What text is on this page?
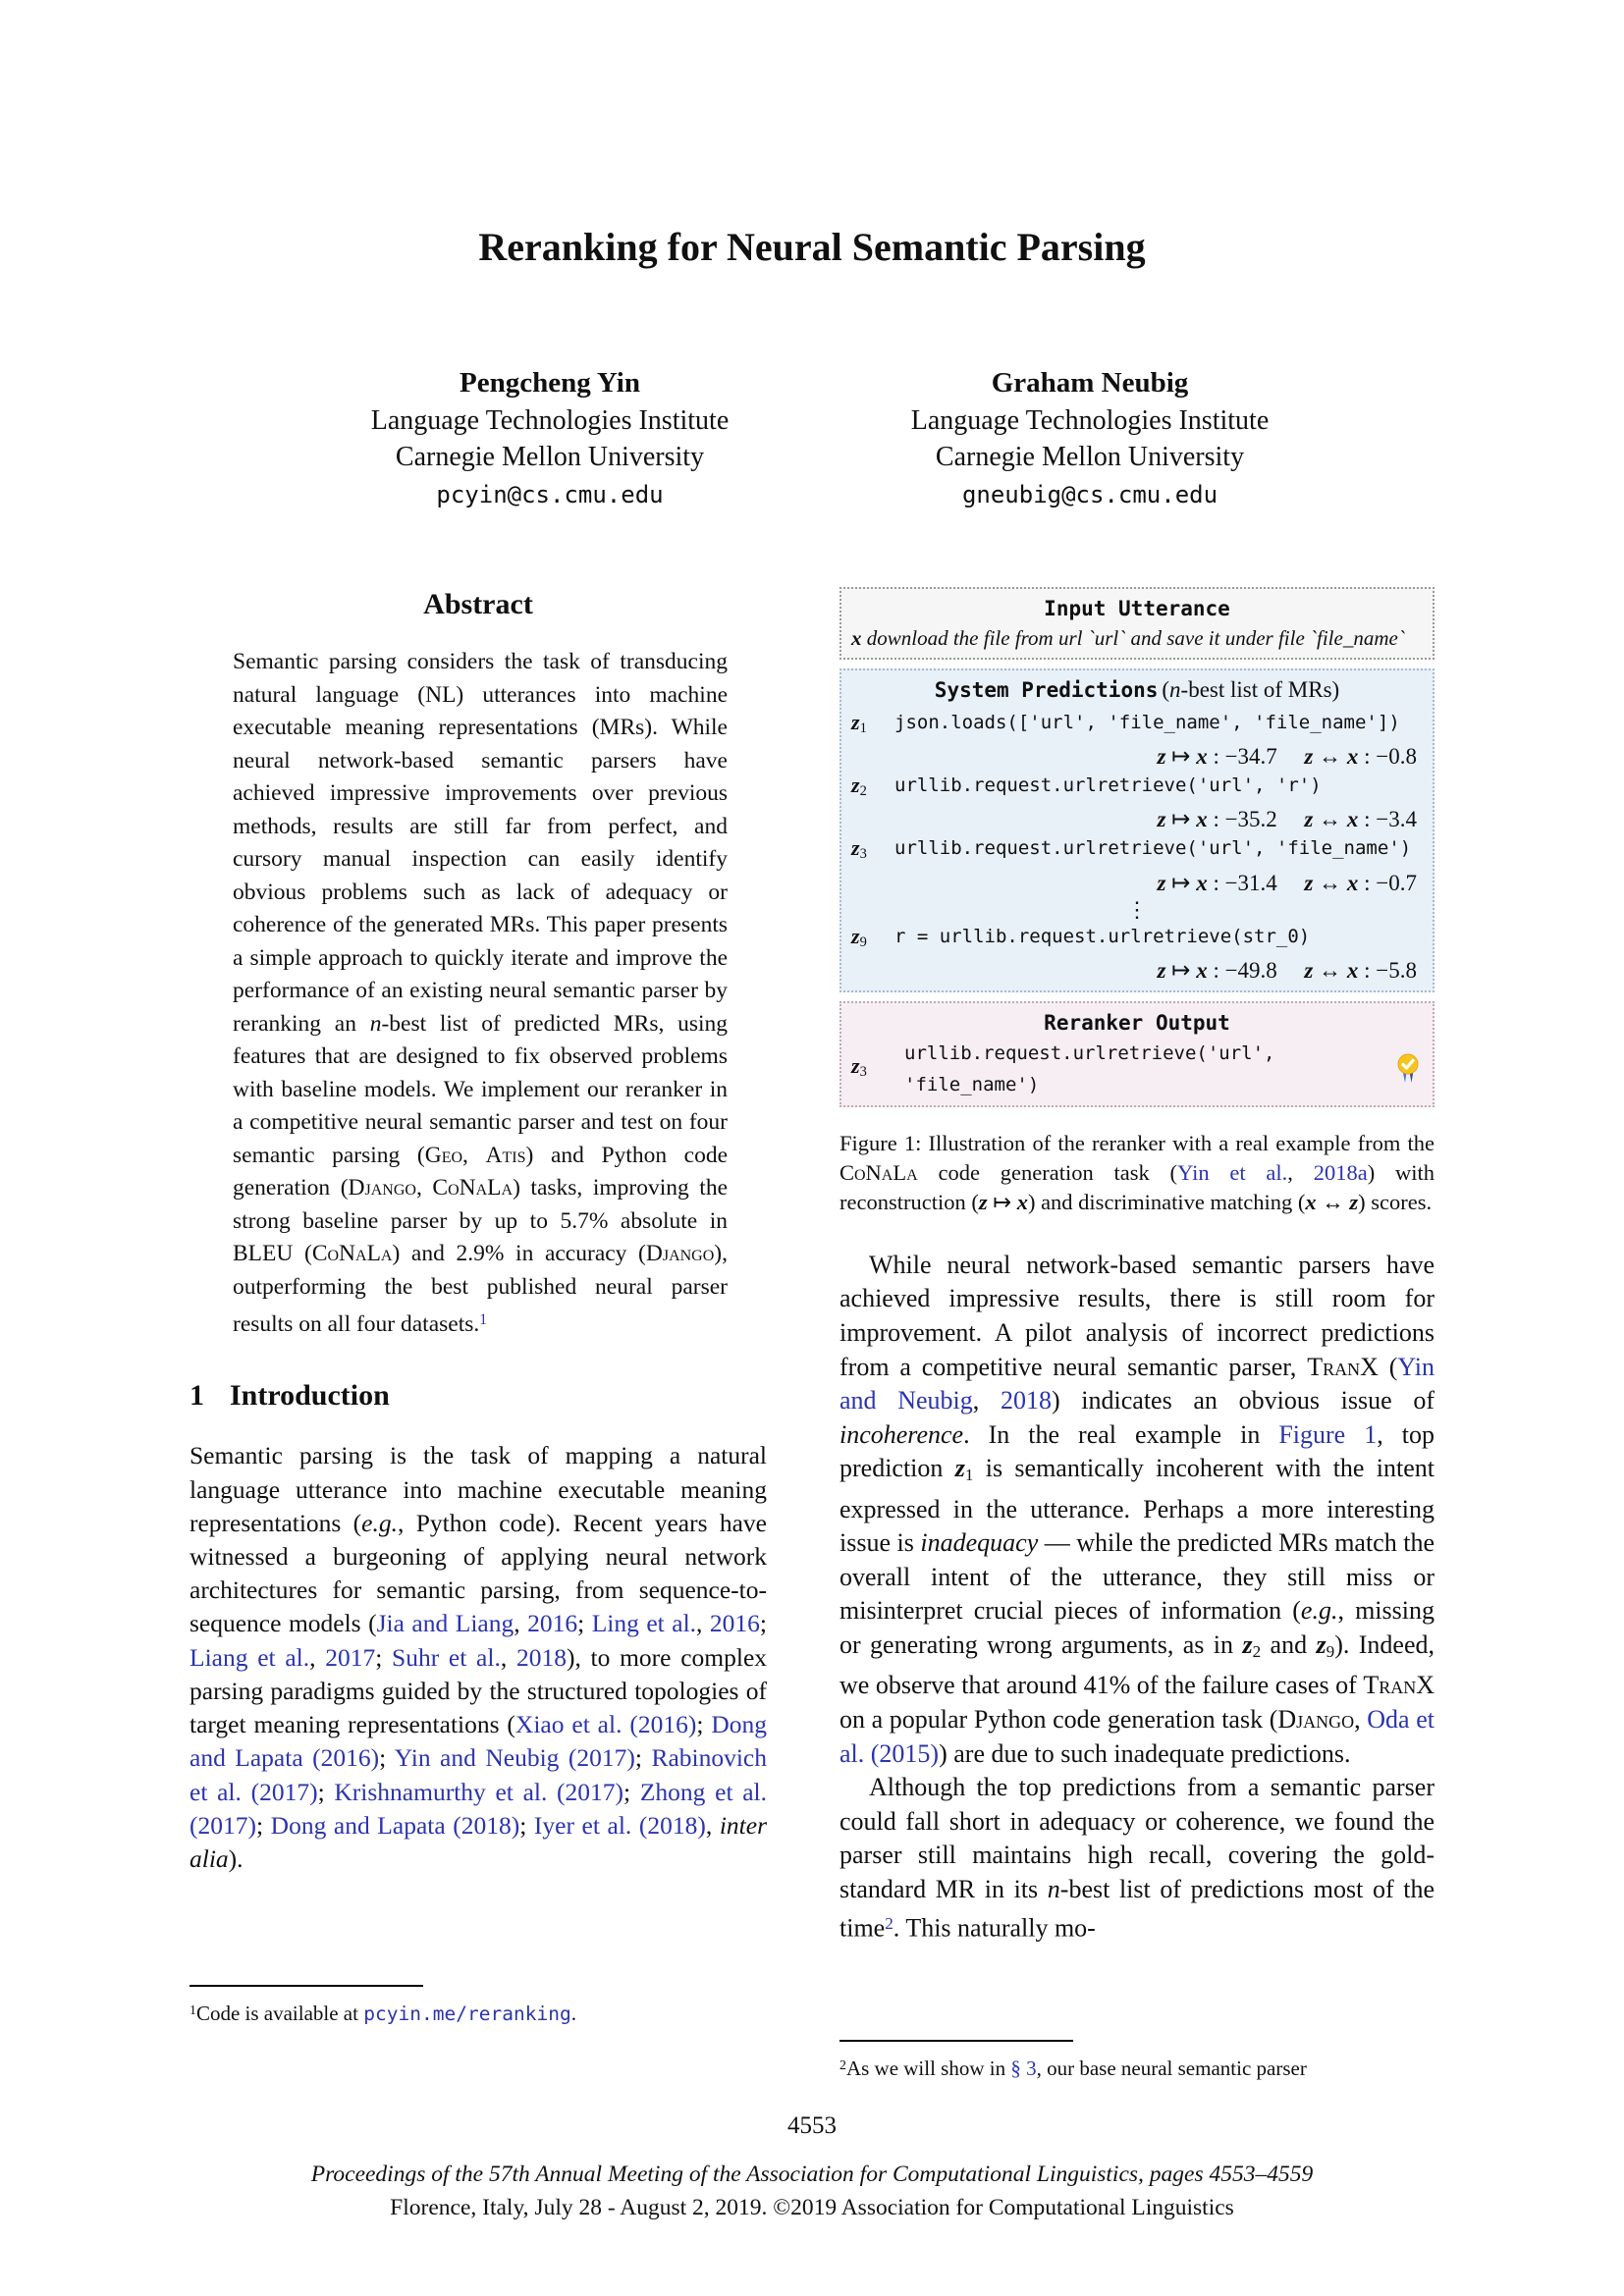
Reranking for Neural Semantic Parsing
Pengcheng Yin
Language Technologies Institute
Carnegie Mellon University
pcyin@cs.cmu.edu
Graham Neubig
Language Technologies Institute
Carnegie Mellon University
gneubig@cs.cmu.edu
Abstract

Semantic parsing considers the task of transducing natural language (NL) utterances into machine executable meaning representations (MRs). While neural network-based semantic parsers have achieved impressive improvements over previous methods, results are still far from perfect, and cursory manual inspection can easily identify obvious problems such as lack of adequacy or coherence of the generated MRs. This paper presents a simple approach to quickly iterate and improve the performance of an existing neural semantic parser by reranking an n-best list of predicted MRs, using features that are designed to fix observed problems with baseline models. We implement our reranker in a competitive neural semantic parser and test on four semantic parsing (Geo, Atis) and Python code generation (Django, CoNaLa) tasks, improving the strong baseline parser by up to 5.7% absolute in BLEU (CoNaLa) and 2.9% in accuracy (Django), outperforming the best published neural parser results on all four datasets.$^1$

1 Introduction

Semantic parsing is the task of mapping a natural language utterance into machine executable meaning representations (e.g., Python code). Recent years have witnessed a burgeoning of applying neural network architectures for semantic parsing, from sequence-to-sequence models (Jia and Liang, 2016; Ling et al., 2016; Liang et al., 2017; Suhr et al., 2018), to more complex parsing paradigms guided by the structured topologies of target meaning representations (Xiao et al. (2016); Dong and Lapata (2016); Yin and Neubig (2017); Rabinovich et al. (2017); Krishnamurthy et al. (2017); Zhong et al. (2017); Dong and Lapata (2018); Iyer et al. (2018), inter alia).

$^1$Code is available at pcyin.me/reranking.

Input Utterance
x download the file from url `url` and save it under file `file_name`
System Predictions (n-best list of MRs)
z1	json.loads(['url', 'file_name', 'file_name'])
z ↦ x : −34.7   z ↔ x : −0.8
z2	urllib.request.urlretrieve('url', 'r')
z ↦ x : −35.2   z ↔ x : −3.4
z3	urllib.request.urlretrieve('url', 'file_name')
z ↦ x : −31.4   z ↔ x : −0.7
⋮
z9	r = urllib.request.urlretrieve(str_0)
z ↦ x : −49.8   z ↔ x : −5.8
Reranker Output
z3
urllib.request.urlretrieve('url', 'file_name')

Figure 1: Illustration of the reranker with a real example from the CoNaLa code generation task (Yin et al., 2018a) with reconstruction (z ↦ x) and discriminative matching (x ↔ z) scores.

While neural network-based semantic parsers have achieved impressive results, there is still room for improvement. A pilot analysis of incorrect predictions from a competitive neural semantic parser, TranX (Yin and Neubig, 2018) indicates an obvious issue of incoherence. In the real example in Figure 1, top prediction z1 is semantically incoherent with the intent expressed in the utterance. Perhaps a more interesting issue is inadequacy — while the predicted MRs match the overall intent of the utterance, they still miss or misinterpret crucial pieces of information (e.g., missing or generating wrong arguments, as in z2 and z9). Indeed, we observe that around 41% of the failure cases of TranX on a popular Python code generation task (Django, Oda et al. (2015)) are due to such inadequate predictions.

Although the top predictions from a semantic parser could fall short in adequacy or coherence, we found the parser still maintains high recall, covering the gold-standard MR in its n-best list of predictions most of the time$^2$. This naturally mo-

$^2$As we will show in § 3, our base neural semantic parser

4553
Proceedings of the 57th Annual Meeting of the Association for Computational Linguistics, pages 4553–4559
Florence, Italy, July 28 - August 2, 2019. ©2019 Association for Computational Linguistics
